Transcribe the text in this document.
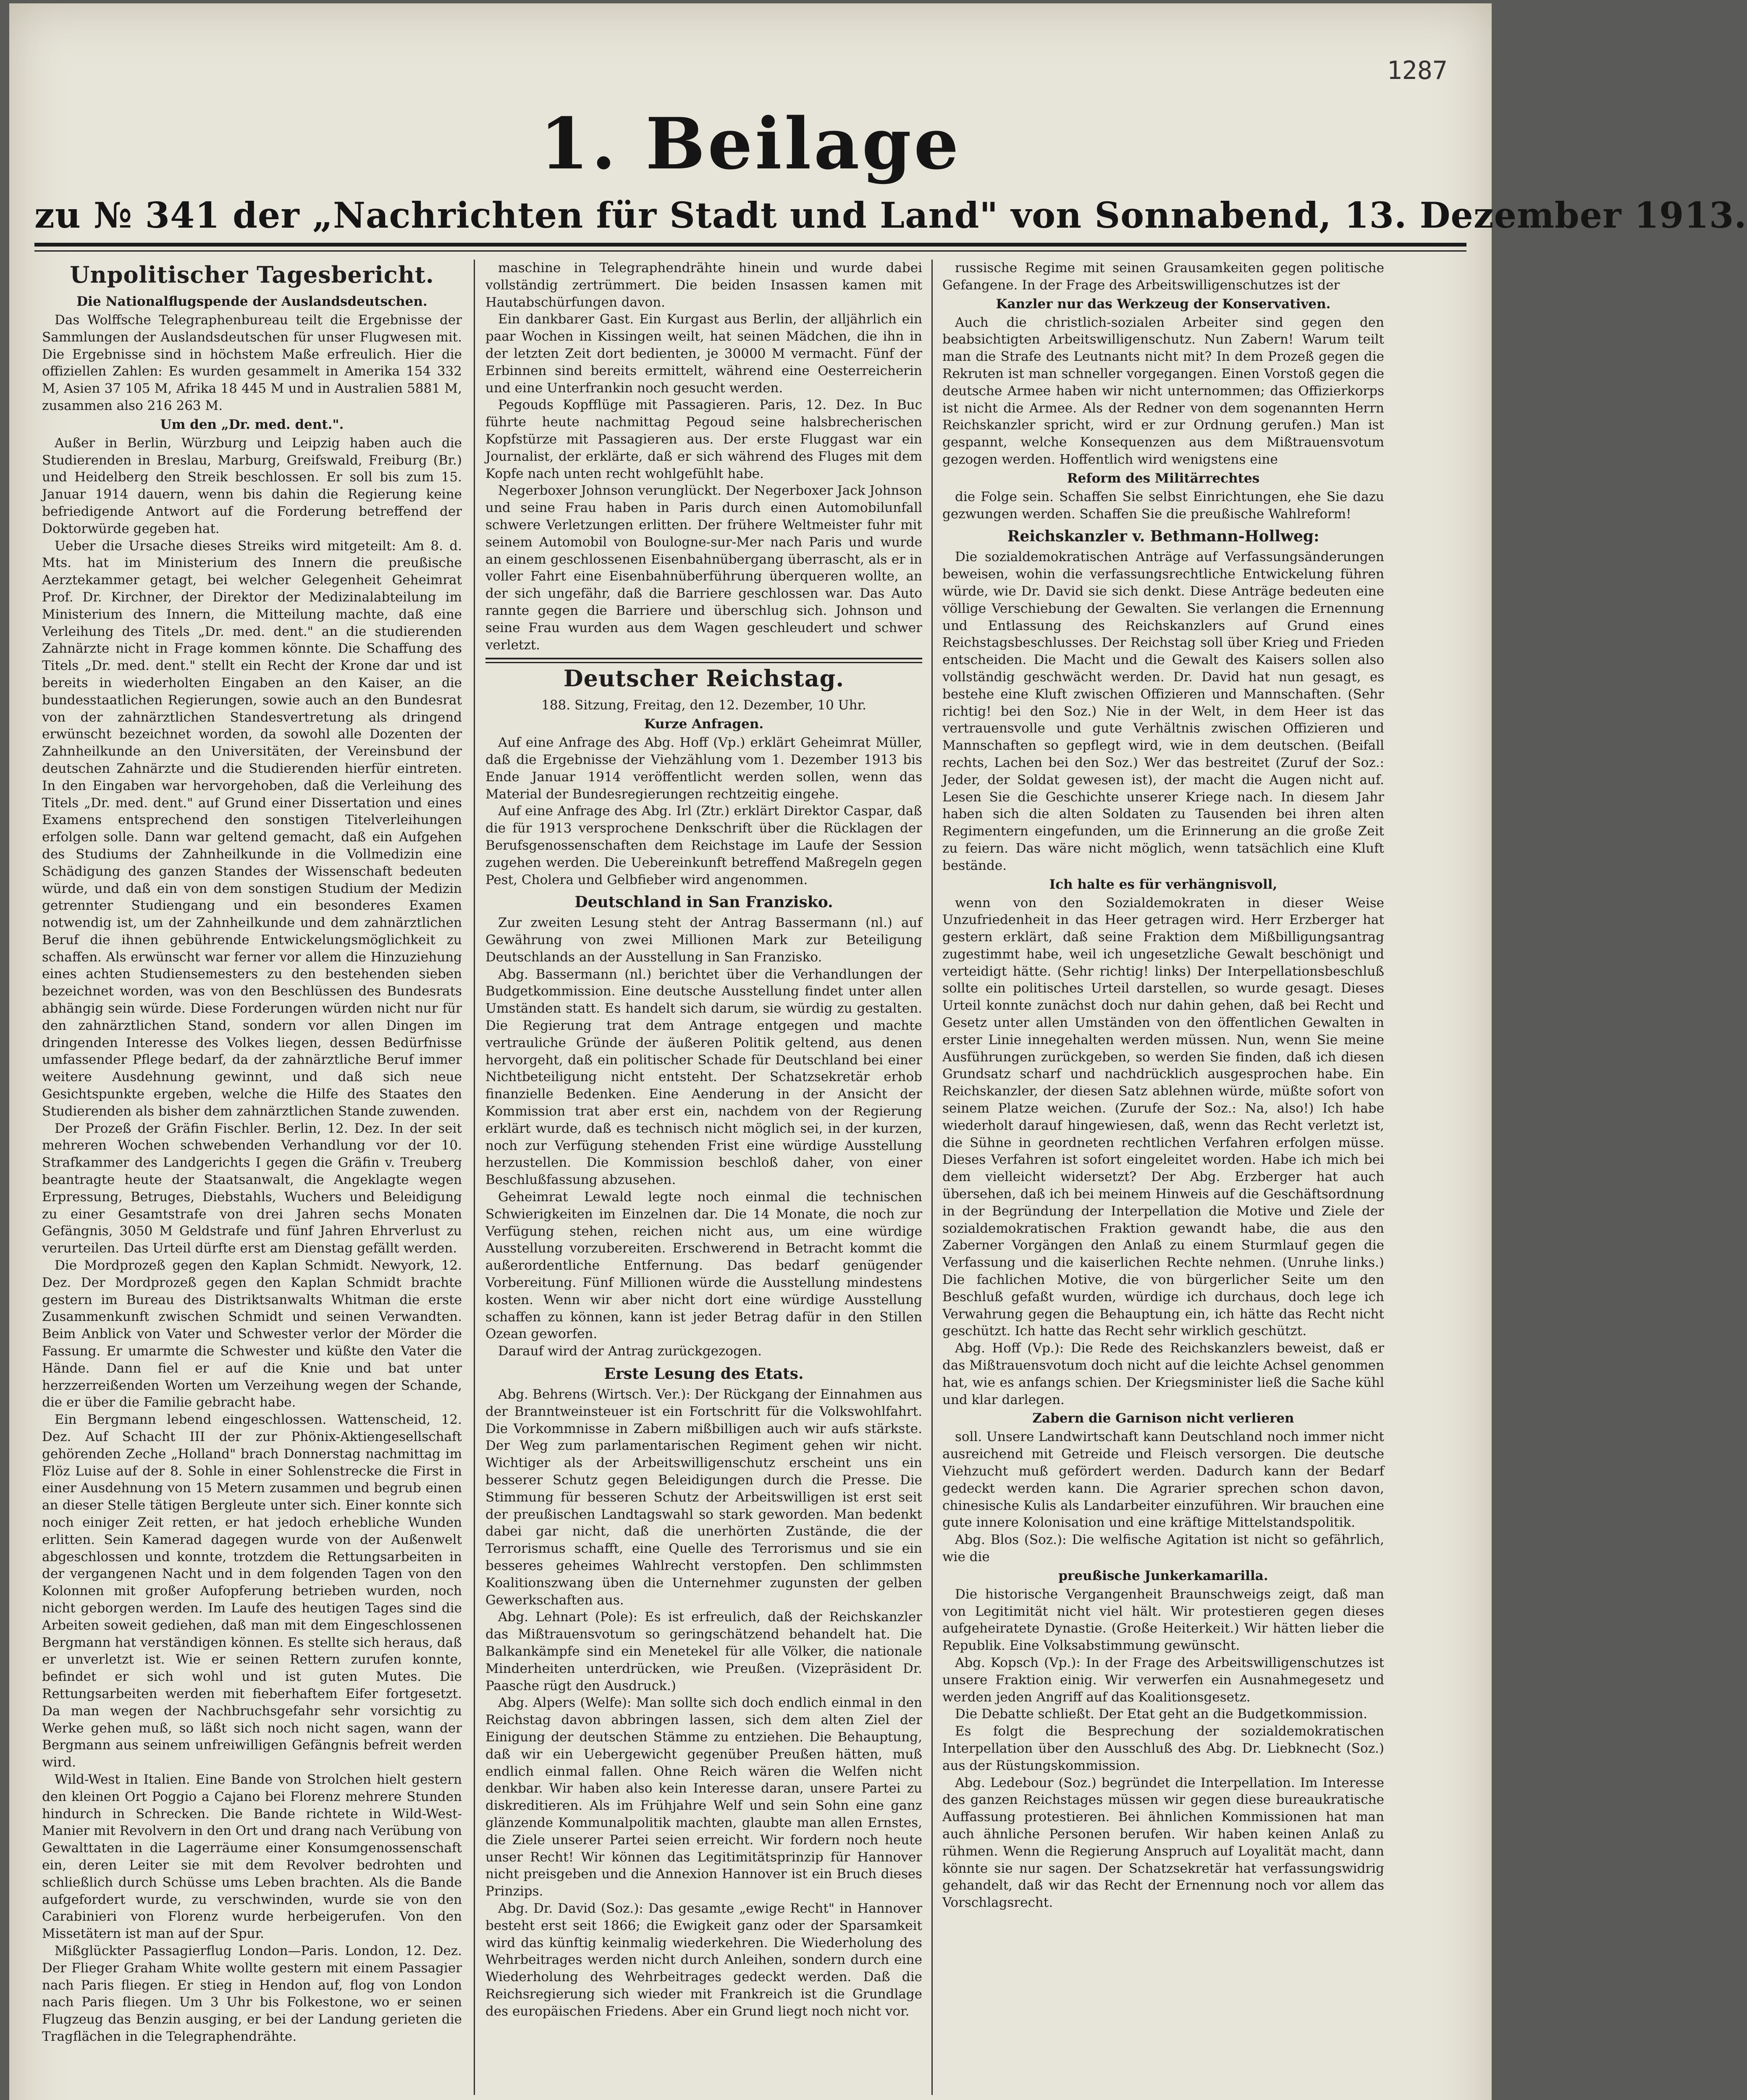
1287
1. Beilage
zu № 341 der „Nachrichten für Stadt und Land" von Sonnabend, 13. Dezember 1913.
Unpolitischer Tagesbericht.
Die Nationalflugspende der Auslandsdeutschen.

Das Wolffsche Telegraphenbureau teilt die Ergebnisse der Sammlungen der Auslandsdeutschen für unser Flugwesen mit. Die Ergebnisse sind in höchstem Maße erfreulich. Hier die offiziellen Zahlen: Es wurden gesammelt in Amerika 154 332 M, Asien 37 105 M, Afrika 18 445 M und in Australien 5881 M, zusammen also 216 263 M.

Um den „Dr. med. dent.".

Außer in Berlin, Würzburg und Leipzig haben auch die Studierenden in Breslau, Marburg, Greifswald, Freiburg (Br.) und Heidelberg den Streik beschlossen. Er soll bis zum 15. Januar 1914 dauern, wenn bis dahin die Regierung keine befriedigende Antwort auf die Forderung betreffend der Doktorwürde gegeben hat.

Ueber die Ursache dieses Streiks wird mitgeteilt: Am 8. d. Mts. hat im Ministerium des Innern die preußische Aerztekammer getagt, bei welcher Gelegenheit Geheimrat Prof. Dr. Kirchner, der Direktor der Medizinalabteilung im Ministerium des Innern, die Mitteilung machte, daß eine Verleihung des Titels „Dr. med. dent." an die studierenden Zahnärzte nicht in Frage kommen könnte. Die Schaffung des Titels „Dr. med. dent." stellt ein Recht der Krone dar und ist bereits in wiederholten Eingaben an den Kaiser, an die bundesstaatlichen Regierungen, sowie auch an den Bundesrat von der zahnärztlichen Standesvertretung als dringend erwünscht bezeichnet worden, da sowohl alle Dozenten der Zahnheilkunde an den Universitäten, der Vereinsbund der deutschen Zahnärzte und die Studierenden hierfür eintreten. In den Eingaben war hervorgehoben, daß die Verleihung des Titels „Dr. med. dent." auf Grund einer Dissertation und eines Examens entsprechend den sonstigen Titelverleihungen erfolgen solle. Dann war geltend gemacht, daß ein Aufgehen des Studiums der Zahnheilkunde in die Vollmedizin eine Schädigung des ganzen Standes der Wissenschaft bedeuten würde, und daß ein von dem sonstigen Studium der Medizin getrennter Studiengang und ein besonderes Examen notwendig ist, um der Zahnheilkunde und dem zahnärztlichen Beruf die ihnen gebührende Entwickelungsmöglichkeit zu schaffen. Als erwünscht war ferner vor allem die Hinzuziehung eines achten Studiensemesters zu den bestehenden sieben bezeichnet worden, was von den Beschlüssen des Bundesrats abhängig sein würde. Diese Forderungen würden nicht nur für den zahnärztlichen Stand, sondern vor allen Dingen im dringenden Interesse des Volkes liegen, dessen Bedürfnisse umfassender Pflege bedarf, da der zahnärztliche Beruf immer weitere Ausdehnung gewinnt, und daß sich neue Gesichtspunkte ergeben, welche die Hilfe des Staates den Studierenden als bisher dem zahnärztlichen Stande zuwenden.

Der Prozeß der Gräfin Fischler. Berlin, 12. Dez. In der seit mehreren Wochen schwebenden Verhandlung vor der 10. Strafkammer des Landgerichts I gegen die Gräfin v. Treuberg beantragte heute der Staatsanwalt, die Angeklagte wegen Erpressung, Betruges, Diebstahls, Wuchers und Beleidigung zu einer Gesamtstrafe von drei Jahren sechs Monaten Gefängnis, 3050 M Geldstrafe und fünf Jahren Ehrverlust zu verurteilen. Das Urteil dürfte erst am Dienstag gefällt werden.

Die Mordprozeß gegen den Kaplan Schmidt. Newyork, 12. Dez. Der Mordprozeß gegen den Kaplan Schmidt brachte gestern im Bureau des Distriktsanwalts Whitman die erste Zusammenkunft zwischen Schmidt und seinen Verwandten. Beim Anblick von Vater und Schwester verlor der Mörder die Fassung. Er umarmte die Schwester und küßte den Vater die Hände. Dann fiel er auf die Knie und bat unter herzzerreißenden Worten um Verzeihung wegen der Schande, die er über die Familie gebracht habe.

Ein Bergmann lebend eingeschlossen. Wattenscheid, 12. Dez. Auf Schacht III der zur Phönix-Aktiengesellschaft gehörenden Zeche „Holland" brach Donnerstag nachmittag im Flöz Luise auf der 8. Sohle in einer Sohlenstrecke die First in einer Ausdehnung von 15 Metern zusammen und begrub einen an dieser Stelle tätigen Bergleute unter sich. Einer konnte sich noch einiger Zeit retten, er hat jedoch erhebliche Wunden erlitten. Sein Kamerad dagegen wurde von der Außenwelt abgeschlossen und konnte, trotzdem die Rettungsarbeiten in der vergangenen Nacht und in dem folgenden Tagen von den Kolonnen mit großer Aufopferung betrieben wurden, noch nicht geborgen werden. Im Laufe des heutigen Tages sind die Arbeiten soweit gediehen, daß man mit dem Eingeschlossenen Bergmann hat verständigen können. Es stellte sich heraus, daß er unverletzt ist. Wie er seinen Rettern zurufen konnte, befindet er sich wohl und ist guten Mutes. Die Rettungsarbeiten werden mit fieberhaftem Eifer fortgesetzt. Da man wegen der Nachbruchsgefahr sehr vorsichtig zu Werke gehen muß, so läßt sich noch nicht sagen, wann der Bergmann aus seinem unfreiwilligen Gefängnis befreit werden wird.

Wild-West in Italien. Eine Bande von Strolchen hielt gestern den kleinen Ort Poggio a Cajano bei Florenz mehrere Stunden hindurch in Schrecken. Die Bande richtete in Wild-West-Manier mit Revolvern in den Ort und drang nach Verübung von Gewalttaten in die Lagerräume einer Konsumgenossenschaft ein, deren Leiter sie mit dem Revolver bedrohten und schließlich durch Schüsse ums Leben brachten. Als die Bande aufgefordert wurde, zu verschwinden, wurde sie von den Carabinieri von Florenz wurde herbeigerufen. Von den Missetätern ist man auf der Spur.

Mißglückter Passagierflug London—Paris. London, 12. Dez. Der Flieger Graham White wollte gestern mit einem Passagier nach Paris fliegen. Er stieg in Hendon auf, flog von London nach Paris fliegen. Um 3 Uhr bis Folkestone, wo er seinen Flugzeug das Benzin ausging, er bei der Landung gerieten die Tragflächen in die Telegraphendrähte.

maschine in Telegraphendrähte hinein und wurde dabei vollständig zertrümmert. Die beiden Insassen kamen mit Hautabschürfungen davon.

Ein dankbarer Gast. Ein Kurgast aus Berlin, der alljährlich ein paar Wochen in Kissingen weilt, hat seinen Mädchen, die ihn in der letzten Zeit dort bedienten, je 30000 M vermacht. Fünf der Erbinnen sind bereits ermittelt, während eine Oesterreicherin und eine Unterfrankin noch gesucht werden.

Pegouds Kopfflüge mit Passagieren. Paris, 12. Dez. In Buc führte heute nachmittag Pegoud seine halsbrecherischen Kopfstürze mit Passagieren aus. Der erste Fluggast war ein Journalist, der erklärte, daß er sich während des Fluges mit dem Kopfe nach unten recht wohlgefühlt habe.

Negerboxer Johnson verunglückt. Der Negerboxer Jack Johnson und seine Frau haben in Paris durch einen Automobilunfall schwere Verletzungen erlitten. Der frühere Weltmeister fuhr mit seinem Automobil von Boulogne-sur-Mer nach Paris und wurde an einem geschlossenen Eisenbahnübergang überrascht, als er in voller Fahrt eine Eisenbahnüberführung überqueren wollte, an der sich ungefähr, daß die Barriere geschlossen war. Das Auto rannte gegen die Barriere und überschlug sich. Johnson und seine Frau wurden aus dem Wagen geschleudert und schwer verletzt.

Deutscher Reichstag.

188. Sitzung, Freitag, den 12. Dezember, 10 Uhr.

Kurze Anfragen.

Auf eine Anfrage des Abg. Hoff (Vp.) erklärt Geheimrat Müller, daß die Ergebnisse der Viehzählung vom 1. Dezember 1913 bis Ende Januar 1914 veröffentlicht werden sollen, wenn das Material der Bundesregierungen rechtzeitig eingehe.

Auf eine Anfrage des Abg. Irl (Ztr.) erklärt Direktor Caspar, daß die für 1913 versprochene Denkschrift über die Rücklagen der Berufsgenossenschaften dem Reichstage im Laufe der Session zugehen werden. Die Uebereinkunft betreffend Maßregeln gegen Pest, Cholera und Gelbfieber wird angenommen.

Deutschland in San Franzisko.

Zur zweiten Lesung steht der Antrag Bassermann (nl.) auf Gewährung von zwei Millionen Mark zur Beteiligung Deutschlands an der Ausstellung in San Franzisko.

Abg. Bassermann (nl.) berichtet über die Verhandlungen der Budgetkommission. Eine deutsche Ausstellung findet unter allen Umständen statt. Es handelt sich darum, sie würdig zu gestalten. Die Regierung trat dem Antrage entgegen und machte vertrauliche Gründe der äußeren Politik geltend, aus denen hervorgeht, daß ein politischer Schade für Deutschland bei einer Nichtbeteiligung nicht entsteht. Der Schatzsekretär erhob finanzielle Bedenken. Eine Aenderung in der Ansicht der Kommission trat aber erst ein, nachdem von der Regierung erklärt wurde, daß es technisch nicht möglich sei, in der kurzen, noch zur Verfügung stehenden Frist eine würdige Ausstellung herzustellen. Die Kommission beschloß daher, von einer Beschlußfassung abzusehen.

Geheimrat Lewald legte noch einmal die technischen Schwierigkeiten im Einzelnen dar. Die 14 Monate, die noch zur Verfügung stehen, reichen nicht aus, um eine würdige Ausstellung vorzubereiten. Erschwerend in Betracht kommt die außerordentliche Entfernung. Das bedarf genügender Vorbereitung. Fünf Millionen würde die Ausstellung mindestens kosten. Wenn wir aber nicht dort eine würdige Ausstellung schaffen zu können, kann ist jeder Betrag dafür in den Stillen Ozean geworfen.

Darauf wird der Antrag zurückgezogen.

Erste Lesung des Etats.

Abg. Behrens (Wirtsch. Ver.): Der Rückgang der Einnahmen aus der Branntweinsteuer ist ein Fortschritt für die Volkswohlfahrt. Die Vorkommnisse in Zabern mißbilligen auch wir aufs stärkste. Der Weg zum parlamentarischen Regiment gehen wir nicht. Wichtiger als der Arbeitswilligenschutz erscheint uns ein besserer Schutz gegen Beleidigungen durch die Presse. Die Stimmung für besseren Schutz der Arbeitswilligen ist erst seit der preußischen Landtagswahl so stark geworden. Man bedenkt dabei gar nicht, daß die unerhörten Zustände, die der Terrorismus schafft, eine Quelle des Terrorismus und sie ein besseres geheimes Wahlrecht verstopfen. Den schlimmsten Koalitionszwang üben die Unternehmer zugunsten der gelben Gewerkschaften aus.

Abg. Lehnart (Pole): Es ist erfreulich, daß der Reichskanzler das Mißtrauensvotum so geringschätzend behandelt hat. Die Balkankämpfe sind ein Menetekel für alle Völker, die nationale Minderheiten unterdrücken, wie Preußen. (Vizepräsident Dr. Paasche rügt den Ausdruck.)

Abg. Alpers (Welfe): Man sollte sich doch endlich einmal in den Reichstag davon abbringen lassen, sich dem alten Ziel der Einigung der deutschen Stämme zu entziehen. Die Behauptung, daß wir ein Uebergewicht gegenüber Preußen hätten, muß endlich einmal fallen. Ohne Reich wären die Welfen nicht denkbar. Wir haben also kein Interesse daran, unsere Partei zu diskreditieren. Als im Frühjahre Welf und sein Sohn eine ganz glänzende Kommunalpolitik machten, glaubte man allen Ernstes, die Ziele unserer Partei seien erreicht. Wir fordern noch heute unser Recht! Wir können das Legitimitätsprinzip für Hannover nicht preisgeben und die Annexion Hannover ist ein Bruch dieses Prinzips.

Abg. Dr. David (Soz.): Das gesamte „ewige Recht" in Hannover besteht erst seit 1866; die Ewigkeit ganz oder der Sparsamkeit wird das künftig keinmalig wiederkehren. Die Wiederholung des Wehrbeitrages werden nicht durch Anleihen, sondern durch eine Wiederholung des Wehrbeitrages gedeckt werden. Daß die Reichsregierung sich wieder mit Frankreich ist die Grundlage des europäischen Friedens. Aber ein Grund liegt noch nicht vor.

russische Regime mit seinen Grausamkeiten gegen politische Gefangene. In der Frage des Arbeitswilligenschutzes ist der

Kanzler nur das Werkzeug der Konservativen.

Auch die christlich-sozialen Arbeiter sind gegen den beabsichtigten Arbeitswilligenschutz. Nun Zabern! Warum teilt man die Strafe des Leutnants nicht mit? In dem Prozeß gegen die Rekruten ist man schneller vorgegangen. Einen Vorstoß gegen die deutsche Armee haben wir nicht unternommen; das Offizierkorps ist nicht die Armee. Als der Redner von dem sogenannten Herrn Reichskanzler spricht, wird er zur Ordnung gerufen.) Man ist gespannt, welche Konsequenzen aus dem Mißtrauensvotum gezogen werden. Hoffentlich wird wenigstens eine

Reform des Militärrechtes

die Folge sein. Schaffen Sie selbst Einrichtungen, ehe Sie dazu gezwungen werden. Schaffen Sie die preußische Wahlreform!

Reichskanzler v. Bethmann-Hollweg:

Die sozialdemokratischen Anträge auf Verfassungsänderungen beweisen, wohin die verfassungsrechtliche Entwickelung führen würde, wie Dr. David sie sich denkt. Diese Anträge bedeuten eine völlige Verschiebung der Gewalten. Sie verlangen die Ernennung und Entlassung des Reichskanzlers auf Grund eines Reichstagsbeschlusses. Der Reichstag soll über Krieg und Frieden entscheiden. Die Macht und die Gewalt des Kaisers sollen also vollständig geschwächt werden. Dr. David hat nun gesagt, es bestehe eine Kluft zwischen Offizieren und Mannschaften. (Sehr richtig! bei den Soz.) Nie in der Welt, in dem Heer ist das vertrauensvolle und gute Verhältnis zwischen Offizieren und Mannschaften so gepflegt wird, wie in dem deutschen. (Beifall rechts, Lachen bei den Soz.) Wer das bestreitet (Zuruf der Soz.: Jeder, der Soldat gewesen ist), der macht die Augen nicht auf. Lesen Sie die Geschichte unserer Kriege nach. In diesem Jahr haben sich die alten Soldaten zu Tausenden bei ihren alten Regimentern eingefunden, um die Erinnerung an die große Zeit zu feiern. Das wäre nicht möglich, wenn tatsächlich eine Kluft bestände.

Ich halte es für verhängnisvoll,

wenn von den Sozialdemokraten in dieser Weise Unzufriedenheit in das Heer getragen wird. Herr Erzberger hat gestern erklärt, daß seine Fraktion dem Mißbilligungsantrag zugestimmt habe, weil ich ungesetzliche Gewalt beschönigt und verteidigt hätte. (Sehr richtig! links) Der Interpellationsbeschluß sollte ein politisches Urteil darstellen, so wurde gesagt. Dieses Urteil konnte zunächst doch nur dahin gehen, daß bei Recht und Gesetz unter allen Umständen von den öffentlichen Gewalten in erster Linie innegehalten werden müssen. Nun, wenn Sie meine Ausführungen zurückgeben, so werden Sie finden, daß ich diesen Grundsatz scharf und nachdrücklich ausgesprochen habe. Ein Reichskanzler, der diesen Satz ablehnen würde, müßte sofort von seinem Platze weichen. (Zurufe der Soz.: Na, also!) Ich habe wiederholt darauf hingewiesen, daß, wenn das Recht verletzt ist, die Sühne in geordneten rechtlichen Verfahren erfolgen müsse. Dieses Verfahren ist sofort eingeleitet worden. Habe ich mich bei dem vielleicht widersetzt? Der Abg. Erzberger hat auch übersehen, daß ich bei meinem Hinweis auf die Geschäftsordnung in der Begründung der Interpellation die Motive und Ziele der sozialdemokratischen Fraktion gewandt habe, die aus den Zaberner Vorgängen den Anlaß zu einem Sturmlauf gegen die Verfassung und die kaiserlichen Rechte nehmen. (Unruhe links.) Die fachlichen Motive, die von bürgerlicher Seite um den Beschluß gefaßt wurden, würdige ich durchaus, doch lege ich Verwahrung gegen die Behauptung ein, ich hätte das Recht nicht geschützt. Ich hatte das Recht sehr wirklich geschützt.

Abg. Hoff (Vp.): Die Rede des Reichskanzlers beweist, daß er das Mißtrauensvotum doch nicht auf die leichte Achsel genommen hat, wie es anfangs schien. Der Kriegsminister ließ die Sache kühl und klar darlegen.

Zabern die Garnison nicht verlieren

soll. Unsere Landwirtschaft kann Deutschland noch immer nicht ausreichend mit Getreide und Fleisch versorgen. Die deutsche Viehzucht muß gefördert werden. Dadurch kann der Bedarf gedeckt werden kann. Die Agrarier sprechen schon davon, chinesische Kulis als Landarbeiter einzuführen. Wir brauchen eine gute innere Kolonisation und eine kräftige Mittelstandspolitik.

Abg. Blos (Soz.): Die welfische Agitation ist nicht so gefährlich, wie die

preußische Junkerkamarilla.

Die historische Vergangenheit Braunschweigs zeigt, daß man von Legitimität nicht viel hält. Wir protestieren gegen dieses aufgeheiratete Dynastie. (Große Heiterkeit.) Wir hätten lieber die Republik. Eine Volksabstimmung gewünscht.

Abg. Kopsch (Vp.): In der Frage des Arbeitswilligenschutzes ist unsere Fraktion einig. Wir verwerfen ein Ausnahmegesetz und werden jeden Angriff auf das Koalitionsgesetz.

Die Debatte schließt. Der Etat geht an die Budgetkommission.

Es folgt die Besprechung der sozialdemokratischen Interpellation über den Ausschluß des Abg. Dr. Liebknecht (Soz.) aus der Rüstungskommission.

Abg. Ledebour (Soz.) begründet die Interpellation. Im Interesse des ganzen Reichstages müssen wir gegen diese bureaukratische Auffassung protestieren. Bei ähnlichen Kommissionen hat man auch ähnliche Personen berufen. Wir haben keinen Anlaß zu rühmen. Wenn die Regierung Anspruch auf Loyalität macht, dann könnte sie nur sagen. Der Schatzsekretär hat verfassungswidrig gehandelt, daß wir das Recht der Ernennung noch vor allem das Vorschlagsrecht.
